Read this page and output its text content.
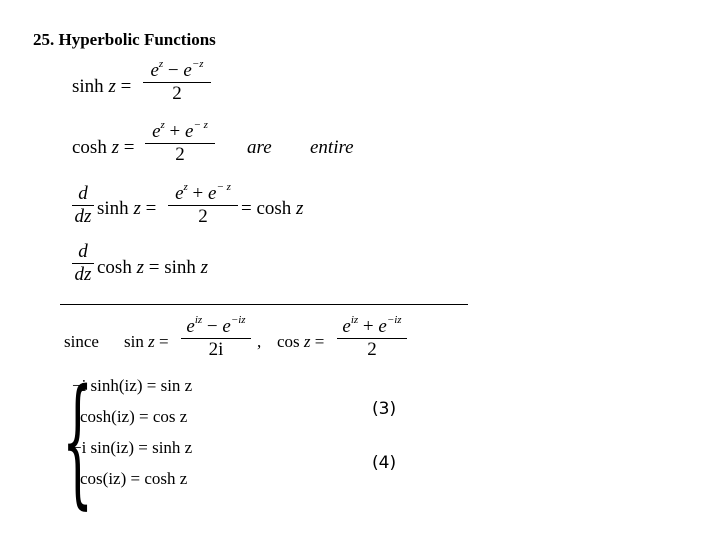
25. Hyperbolic Functions
sinh z =
$e^z - e^{-z}$
2
cosh z =
$e^z + e^{- z}$
2	are entire
d
dz sinh z =
$e^z + e^{- z}$
2	= cosh z
d
dz cosh z = sinh z
since sin z =
$e^{iz} - e^{-iz}$
2i	, cos z =
$e^{iz} + e^{-iz}$
2
{
−i sinh(iz) = sin z
cosh(iz) = cos z
−i sin(iz) = sinh z
cos(iz) = cosh z
(3)
(4)
